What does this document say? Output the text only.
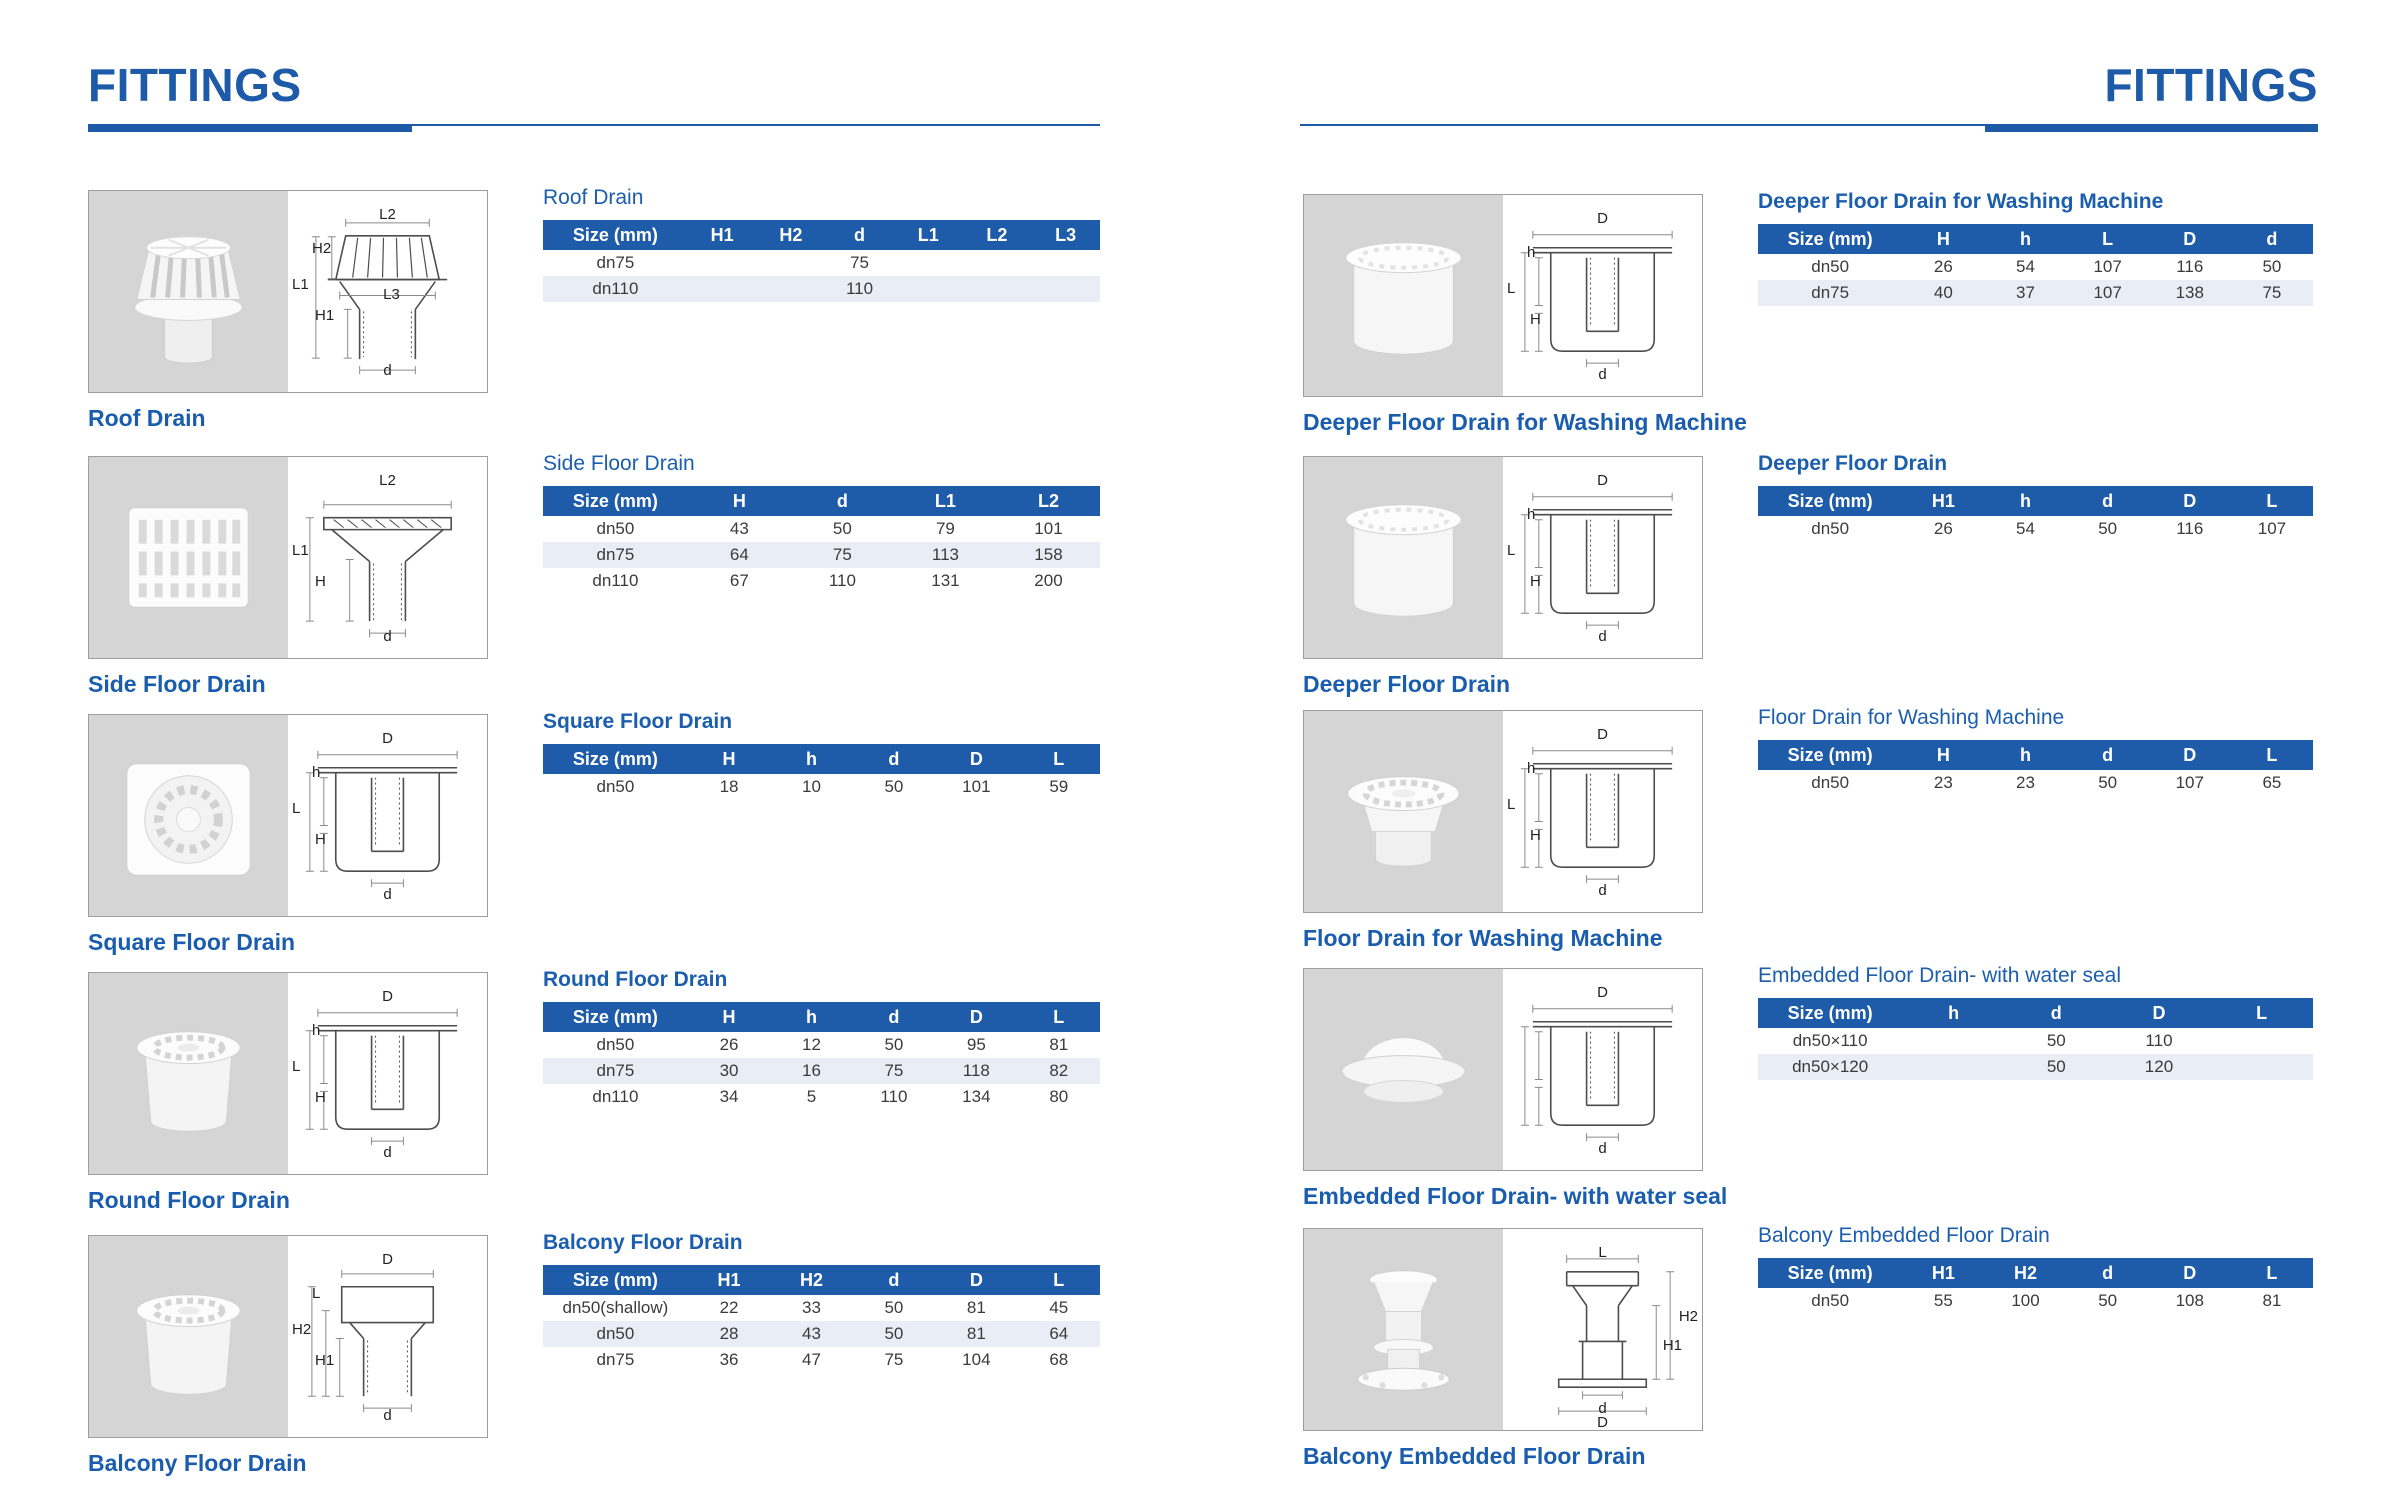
FITTINGS
L2
H2
L1
H1
L3
d
Roof Drain
Roof Drain
Size (mm)	H1	H2	d	L1	L2	L3
dn75			75			
dn110			110			
L2
L1
H
d
Side Floor Drain
Side Floor Drain
Size (mm)	H	d	L1	L2
dn50	43	50	79	101
dn75	64	75	113	158
dn110	67	110	131	200
D
h
L
H
d
Square Floor Drain
Square Floor Drain
Size (mm)	H	h	d	D	L
dn50	18	10	50	101	59
D
h
L
H
d
Round Floor Drain
Round Floor Drain
Size (mm)	H	h	d	D	L
dn50	26	12	50	95	81
dn75	30	16	75	118	82
dn110	34	5	110	134	80
D
L
H2
H1
d
Balcony Floor Drain
Balcony Floor Drain
Size (mm)	H1	H2	d	D	L
dn50(shallow)	22	33	50	81	45
dn50	28	43	50	81	64
dn75	36	47	75	104	68
FITTINGS
D
h
L
H
d
Deeper Floor Drain for Washing Machine
Deeper Floor Drain for Washing Machine
Size (mm)	H	h	L	D	d
dn50	26	54	107	116	50
dn75	40	37	107	138	75
D
h
L
H
d
Deeper Floor Drain
Deeper Floor Drain
Size (mm)	H1	h	d	D	L
dn50	26	54	50	116	107
D
h
L
H
d
Floor Drain for Washing Machine
Floor Drain for Washing Machine
Size (mm)	H	h	d	D	L
dn50	23	23	50	107	65
D
d
Embedded Floor Drain- with water seal
Embedded Floor Drain- with water seal
Size (mm)	h	d	D	L
dn50×110		50	110	
dn50×120		50	120	
L
H2
H1
d
D
Balcony Embedded Floor Drain
Balcony Embedded Floor Drain
Size (mm)	H1	H2	d	D	L
dn50	55	100	50	108	81
